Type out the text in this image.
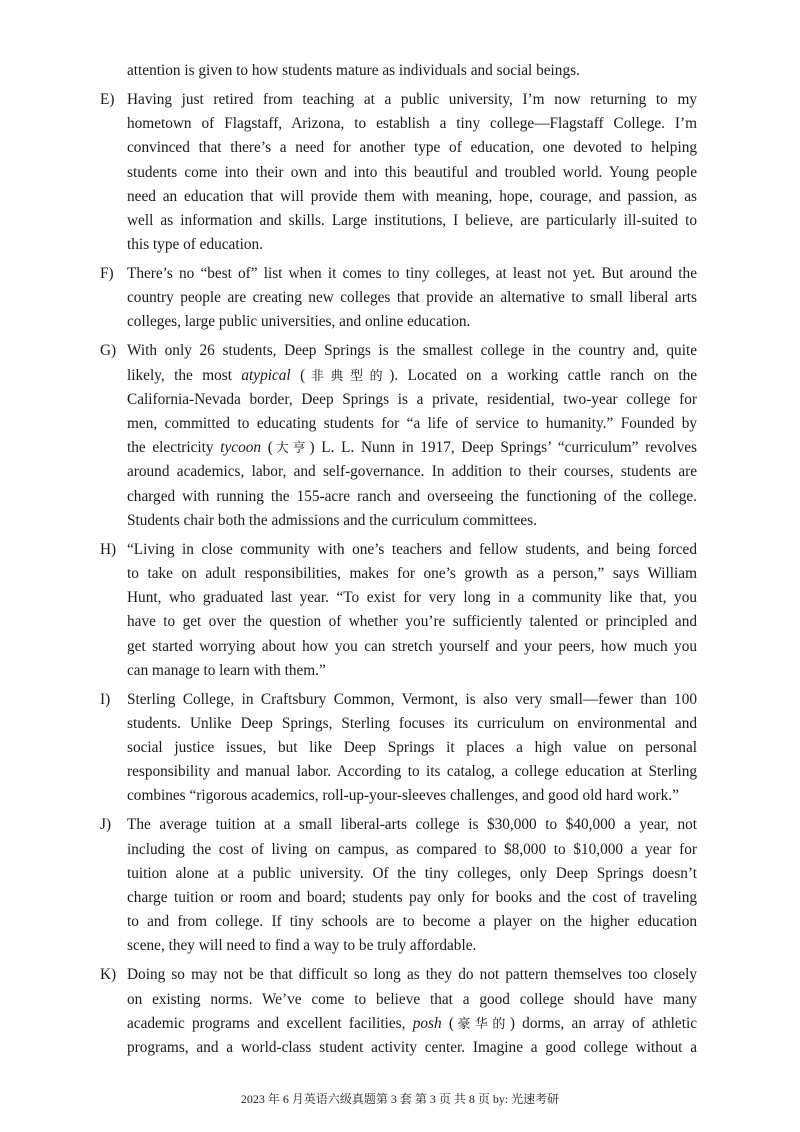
attention is given to how students mature as individuals and social beings.
E) Having just retired from teaching at a public university, I’m now returning to my
hometown of Flagstaff, Arizona, to establish a tiny college—Flagstaff College. I’m
convinced that there’s a need for another type of education, one devoted to helping
students come into their own and into this beautiful and troubled world. Young people
need an education that will provide them with meaning, hope, courage, and passion, as
well as information and skills. Large institutions, I believe, are particularly ill-suited to
this type of education.
F) There’s no “best of” list when it comes to tiny colleges, at least not yet. But around the
country people are creating new colleges that provide an alternative to small liberal arts
colleges, large public universities, and online education.
G) With only 26 students, Deep Springs is the smallest college in the country and, quite
likely, the most atypical (非典型的). Located on a working cattle ranch on the
California-Nevada border, Deep Springs is a private, residential, two-year college for
men, committed to educating students for “a life of service to humanity.” Founded by
the electricity tycoon (大亨) L. L. Nunn in 1917, Deep Springs’ “curriculum” revolves
around academics, labor, and self-governance. In addition to their courses, students are
charged with running the 155-acre ranch and overseeing the functioning of the college.
Students chair both the admissions and the curriculum committees.
H) “Living in close community with one’s teachers and fellow students, and being forced
to take on adult responsibilities, makes for one’s growth as a person,” says William
Hunt, who graduated last year. “To exist for very long in a community like that, you
have to get over the question of whether you’re sufficiently talented or principled and
get started worrying about how you can stretch yourself and your peers, how much you
can manage to learn with them.”
I) Sterling College, in Craftsbury Common, Vermont, is also very small—fewer than 100
students. Unlike Deep Springs, Sterling focuses its curriculum on environmental and
social justice issues, but like Deep Springs it places a high value on personal
responsibility and manual labor. According to its catalog, a college education at Sterling
combines “rigorous academics, roll-up-your-sleeves challenges, and good old hard work.”
J) The average tuition at a small liberal-arts college is $30,000 to $40,000 a year, not
including the cost of living on campus, as compared to $8,000 to $10,000 a year for
tuition alone at a public university. Of the tiny colleges, only Deep Springs doesn’t
charge tuition or room and board; students pay only for books and the cost of traveling
to and from college. If tiny schools are to become a player on the higher education
scene, they will need to find a way to be truly affordable.
K) Doing so may not be that difficult so long as they do not pattern themselves too closely
on existing norms. We’ve come to believe that a good college should have many
academic programs and excellent facilities, posh (豪华的) dorms, an array of athletic
programs, and a world-class student activity center. Imagine a good college without a
2023 年 6 月英语六级真题第 3 套 第 3 页 共 8 页 by: 光速考研
